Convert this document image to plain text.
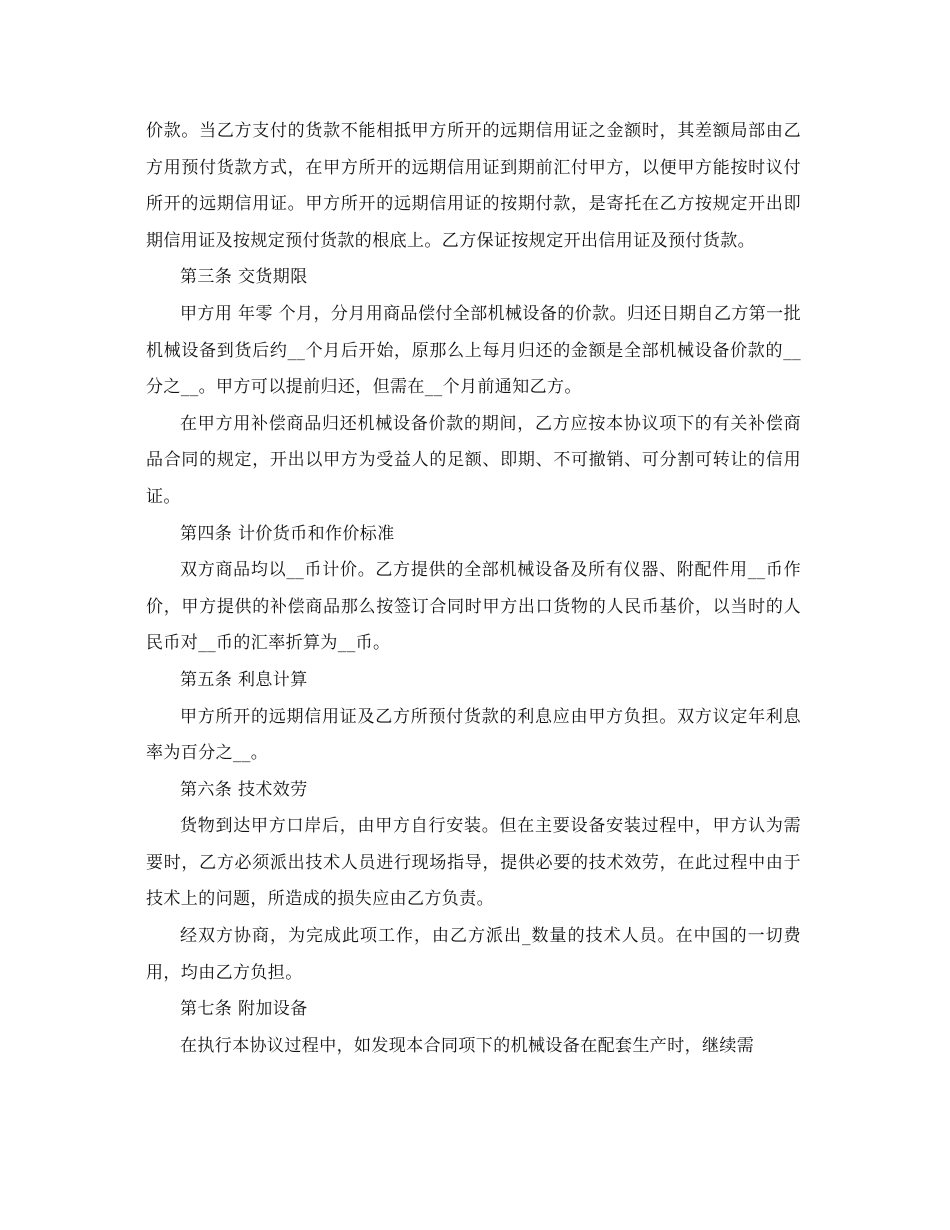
价款。当乙方支付的货款不能相抵甲方所开的远期信用证之金额时，其差额局部由乙方用预付货款方式，在甲方所开的远期信用证到期前汇付甲方，以便甲方能按时议付所开的远期信用证。甲方所开的远期信用证的按期付款，是寄托在乙方按规定开出即期信用证及按规定预付货款的根底上。乙方保证按规定开出信用证及预付货款。

第三条 交货期限

甲方用 年零 个月，分月用商品偿付全部机械设备的价款。归还日期自乙方第一批机械设备到货后约__个月后开始，原那么上每月归还的金额是全部机械设备价款的__分之__。甲方可以提前归还，但需在__个月前通知乙方。

在甲方用补偿商品归还机械设备价款的期间，乙方应按本协议项下的有关补偿商品合同的规定，开出以甲方为受益人的足额、即期、不可撤销、可分割可转让的信用证。

第四条 计价货币和作价标准

双方商品均以__币计价。乙方提供的全部机械设备及所有仪器、附配件用__币作价，甲方提供的补偿商品那么按签订合同时甲方出口货物的人民币基价，以当时的人民币对__币的汇率折算为__币。

第五条 利息计算

甲方所开的远期信用证及乙方所预付货款的利息应由甲方负担。双方议定年利息率为百分之__。

第六条 技术效劳

货物到达甲方口岸后，由甲方自行安装。但在主要设备安装过程中，甲方认为需要时，乙方必须派出技术人员进行现场指导，提供必要的技术效劳，在此过程中由于技术上的问题，所造成的损失应由乙方负责。

经双方协商，为完成此项工作，由乙方派出_数量的技术人员。在中国的一切费用，均由乙方负担。

第七条 附加设备

在执行本协议过程中，如发现本合同项下的机械设备在配套生产时，继续需
